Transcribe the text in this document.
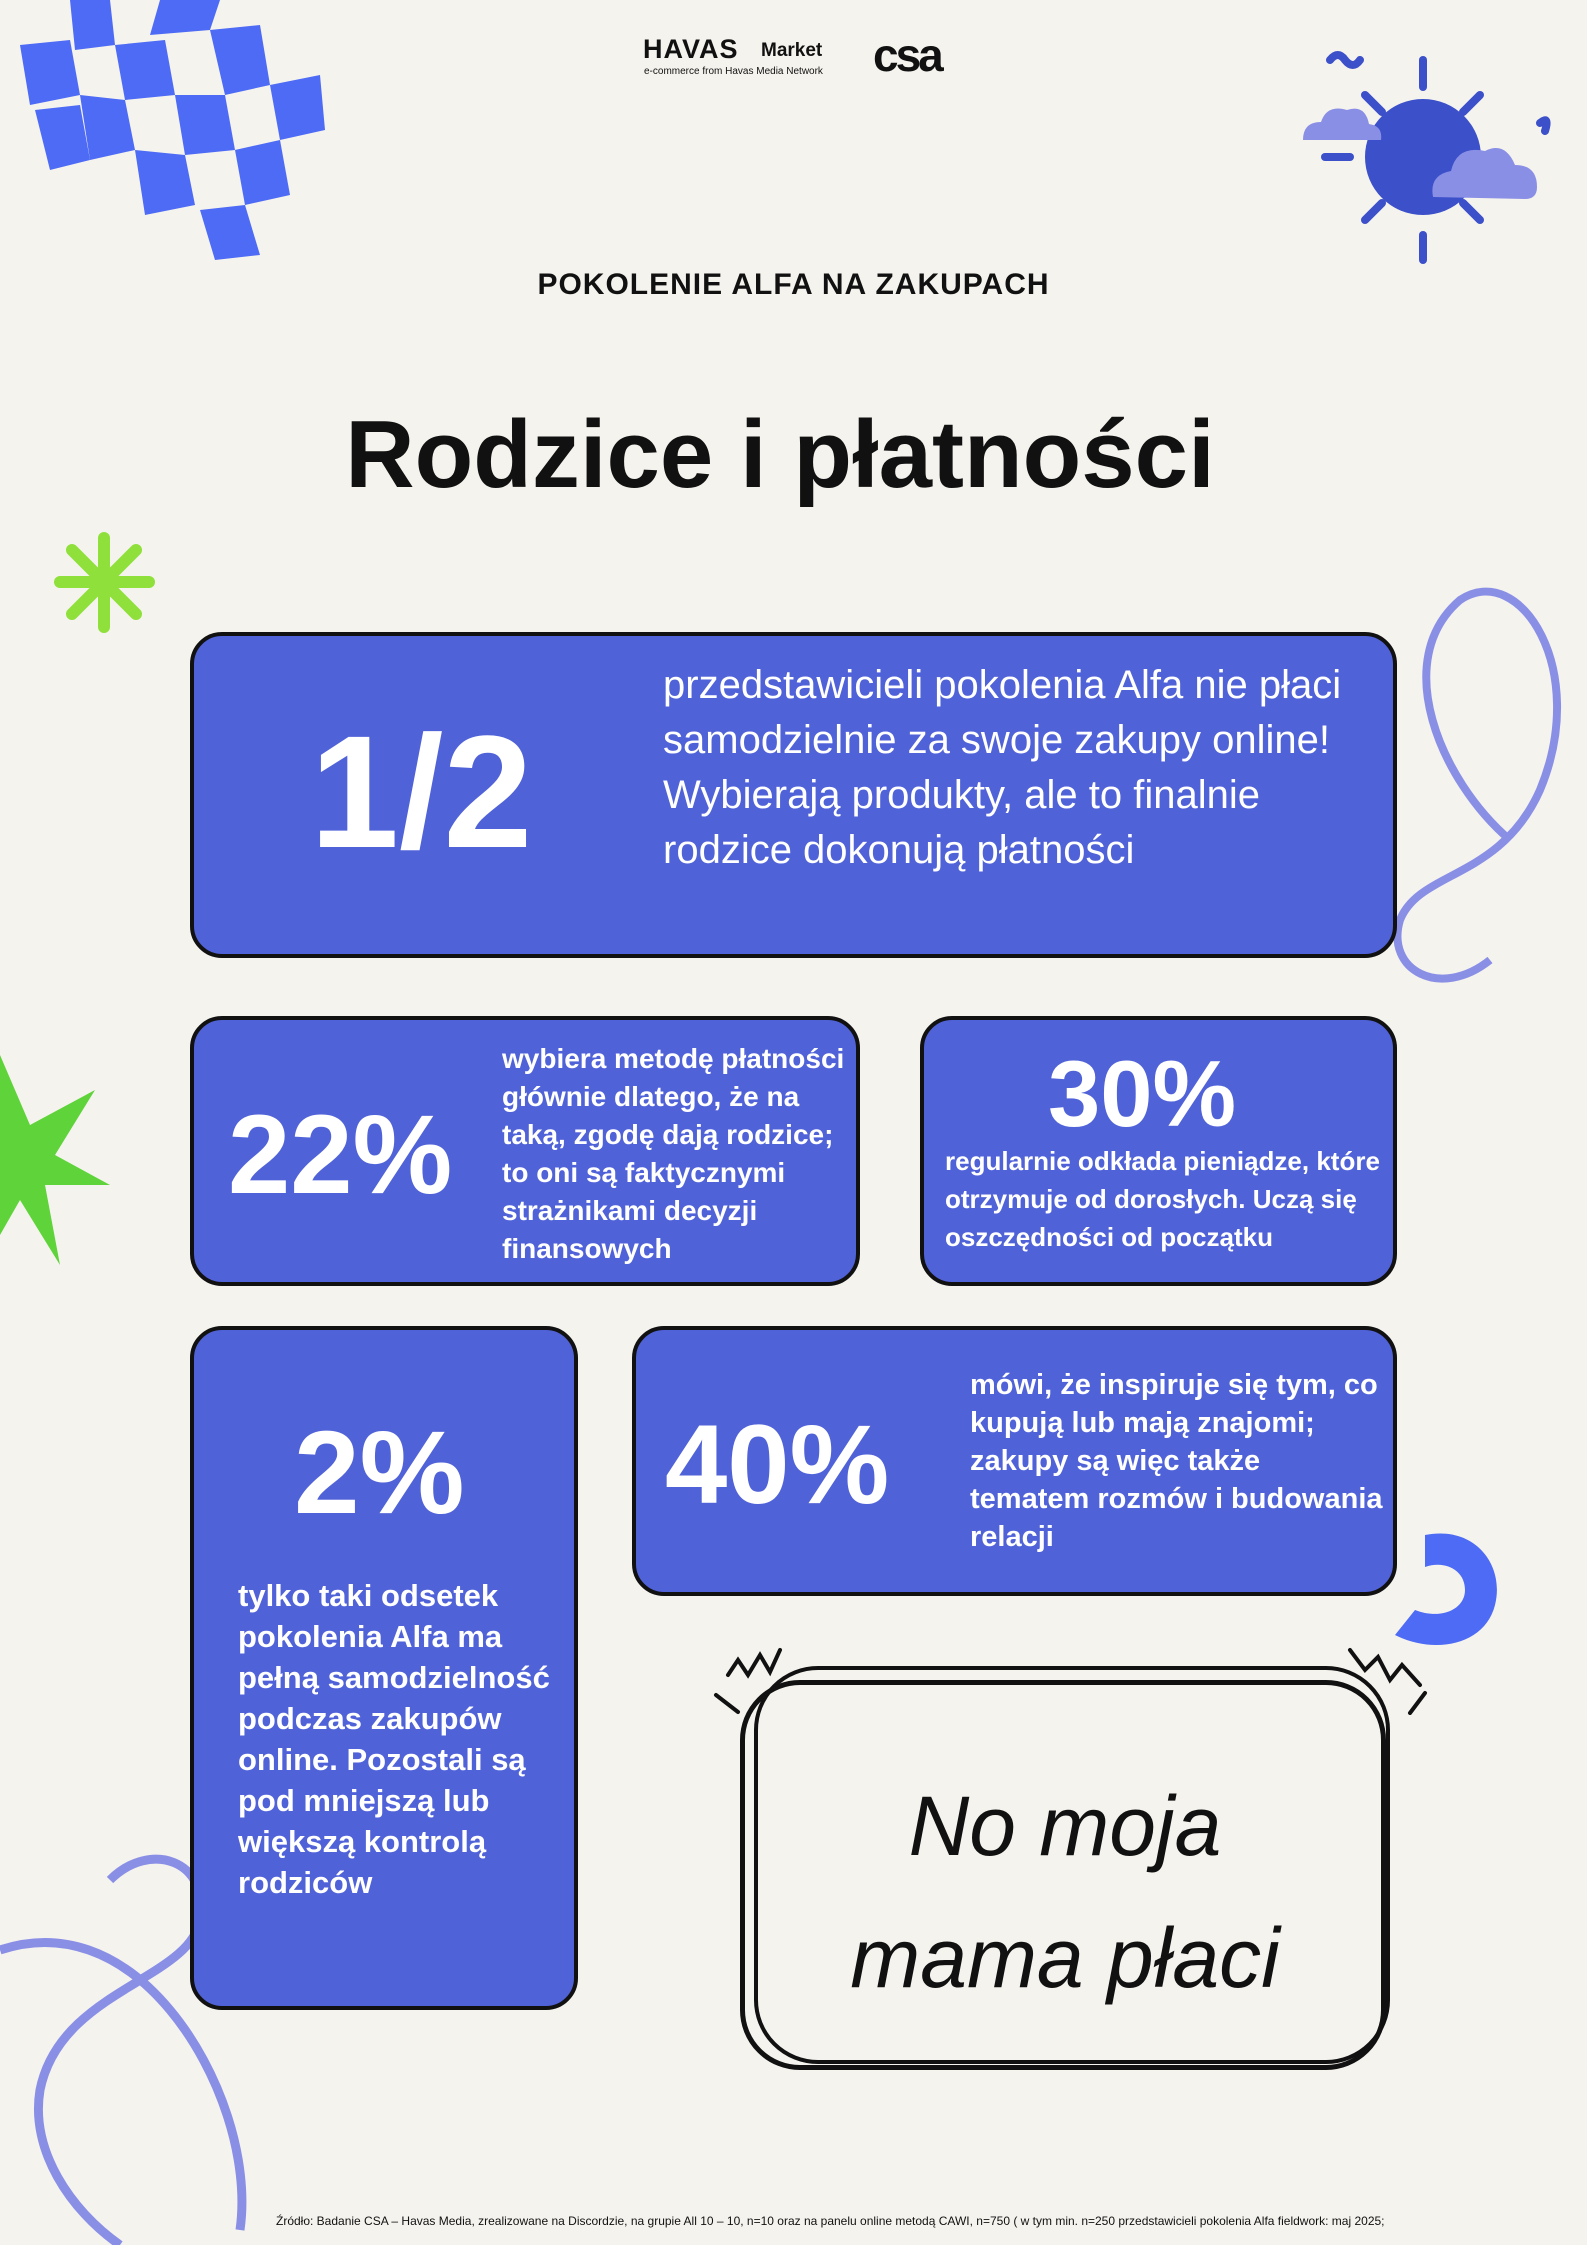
HAVAS Market
e-commerce from Havas Media Network csa
POKOLENIE ALFA NA ZAKUPACH
Rodzice i płatności
1/2
przedstawicieli pokolenia Alfa nie płaci samodzielnie za swoje zakupy online! Wybierają produkty, ale to finalnie rodzice dokonują płatności
22%
wybiera metodę płatności głównie dlatego, że na taką, zgodę dają rodzice; to oni są faktycznymi strażnikami decyzji finansowych
30%
regularnie odkłada pieniądze, które otrzymuje od dorosłych. Uczą się oszczędności od początku
2%
tylko taki odsetek pokolenia Alfa ma pełną samodzielność podczas zakupów online. Pozostali są pod mniejszą lub większą kontrolą rodziców
40%
mówi, że inspiruje się tym, co kupują lub mają znajomi; zakupy są więc także tematem rozmów i budowania relacji
No moja
mama płaci
Źródło: Badanie CSA – Havas Media, zrealizowane na Discordzie, na grupie All 10 – 10, n=10 oraz na panelu online metodą CAWI, n=750 ( w tym min. n=250 przedstawicieli pokolenia Alfa fieldwork: maj 2025;
